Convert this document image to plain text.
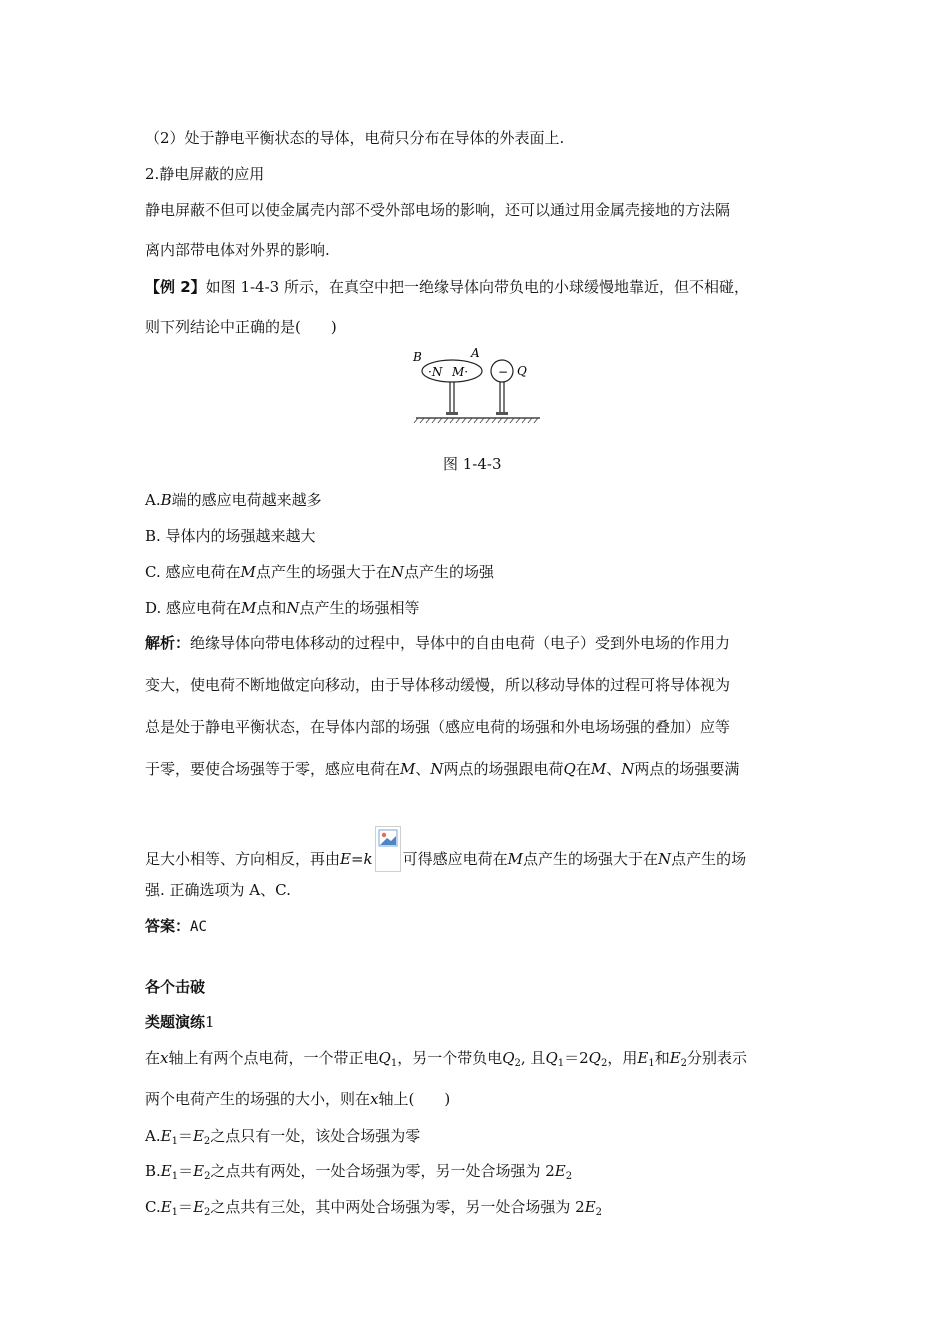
（2）处于静电平衡状态的导体，电荷只分布在导体的外表面上.
2.静电屏蔽的应用
静电屏蔽不但可以使金属壳内部不受外部电场的影响，还可以通过用金属壳接地的方法隔
离内部带电体对外界的影响.
【例 2】如图 1-4-3 所示，在真空中把一绝缘导体向带负电的小球缓慢地靠近，但不相碰，
则下列结论中正确的是(　　)
B	A
·N M· − Q
图 1-4-3
A.B端的感应电荷越来越多
B. 导体内的场强越来越大
C. 感应电荷在M点产生的场强大于在N点产生的场强
D. 感应电荷在M点和N点产生的场强相等
解析：绝缘导体向带电体移动的过程中，导体中的自由电荷（电子）受到外电场的作用力
变大，使电荷不断地做定向移动，由于导体移动缓慢，所以移动导体的过程可将导体视为
总是处于静电平衡状态，在导体内部的场强（感应电荷的场强和外电场场强的叠加）应等
于零，要使合场强等于零，感应电荷在M、N两点的场强跟电荷Q在M、N两点的场强要满
足大小相等、方向相反，再由E=k 可得感应电荷在M点产生的场强大于在N点产生的场
强. 正确选项为 A、C.
答案：AC
各个击破
类题演练1
在x轴上有两个点电荷，一个带正电$Q_1$，另一个带负电$Q_2$, 且$Q_1=2Q_2$，用$E_1$和$E_2$分别表示
两个电荷产生的场强的大小，则在x轴上(　　)
$A.E_1=E_2$之点只有一处，该处合场强为零
$B.E_1=E_2$之点共有两处，一处合场强为零，另一处合场强为 $2E_2$
$C.E_1=E_2$之点共有三处，其中两处合场强为零，另一处合场强为 $2E_2$
